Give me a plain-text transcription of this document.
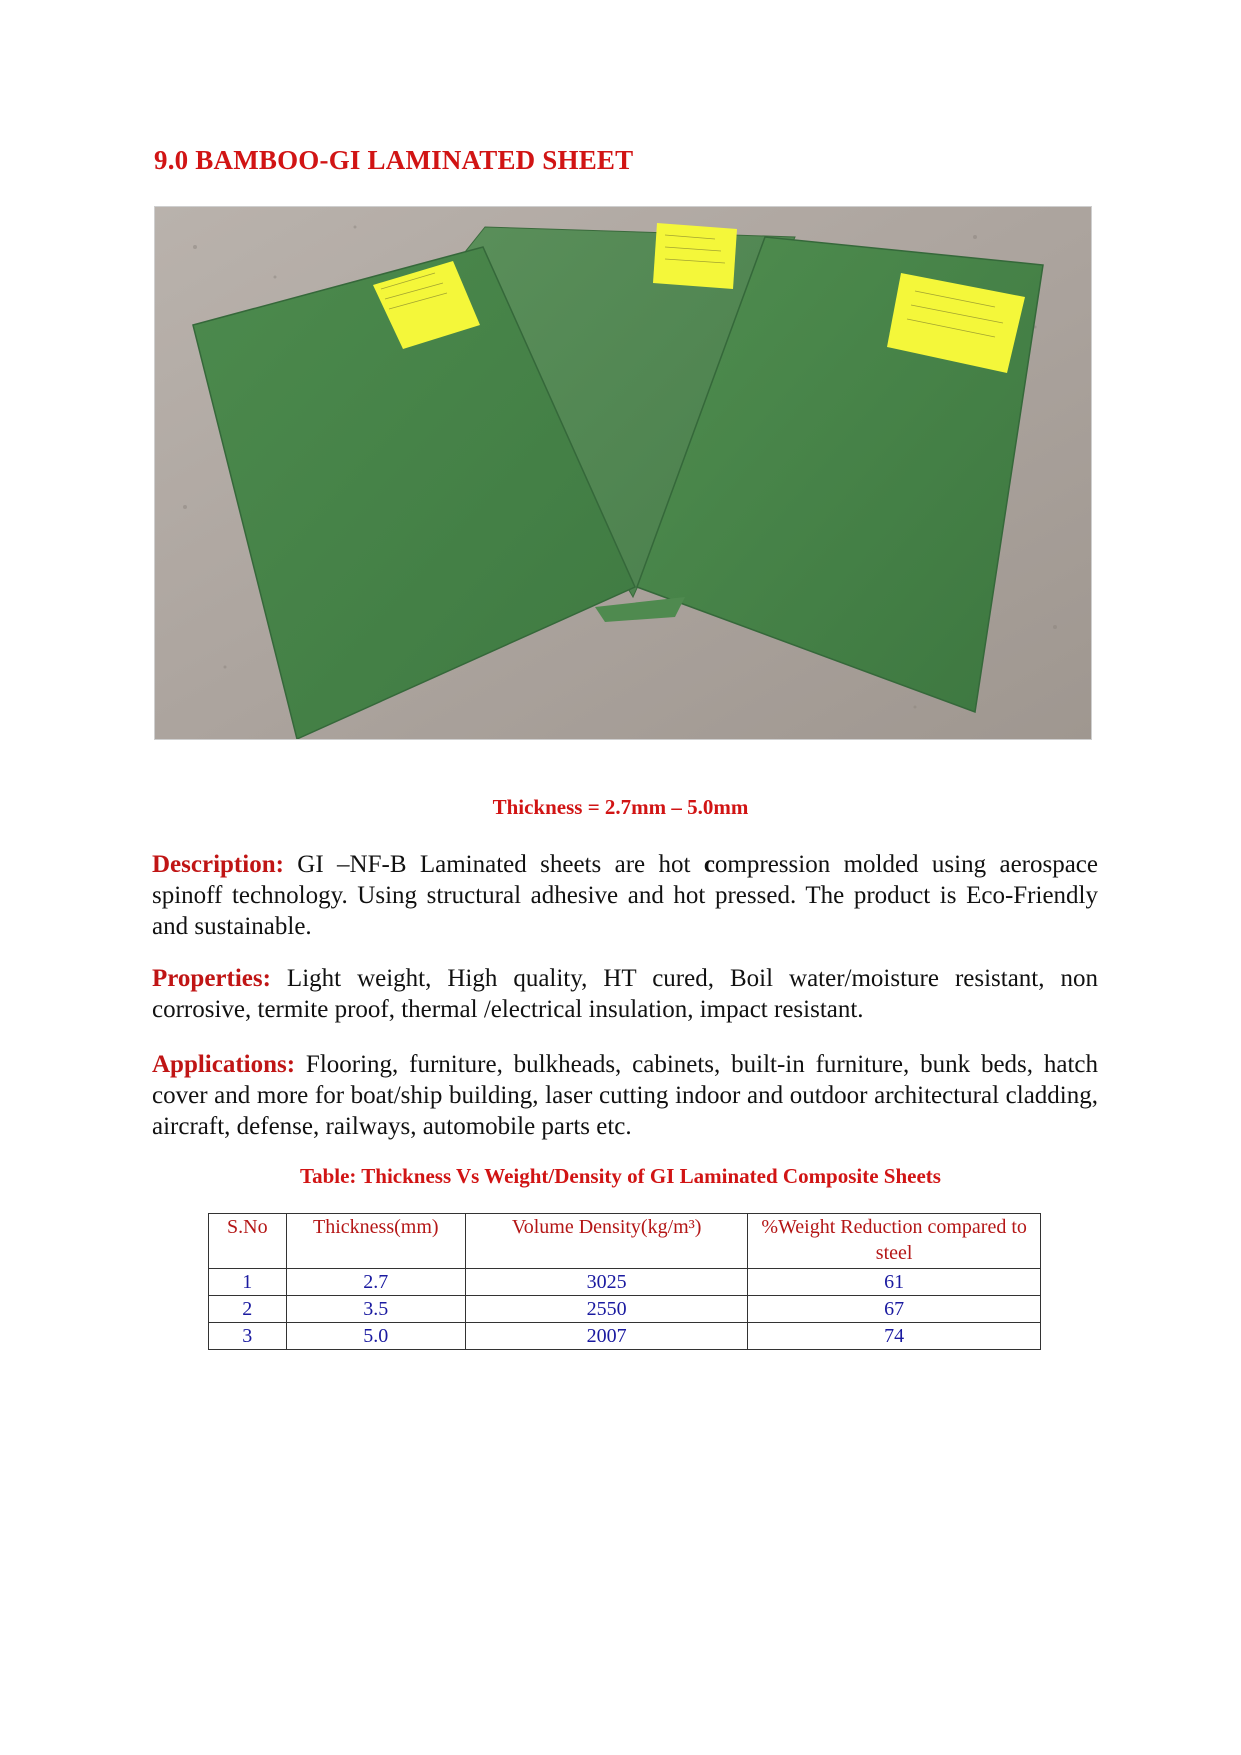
9.0 BAMBOO-GI LAMINATED SHEET
Thickness = 2.7mm – 5.0mm
Description: GI –NF-B Laminated sheets are hot compression molded using aerospace spinoff technology. Using structural adhesive and hot pressed. The product is Eco-Friendly and sustainable.
Properties: Light weight, High quality, HT cured, Boil water/moisture resistant, non corrosive, termite proof, thermal /electrical insulation, impact resistant.
Applications: Flooring, furniture, bulkheads, cabinets, built-in furniture, bunk beds, hatch cover and more for boat/ship building, laser cutting indoor and outdoor architectural cladding, aircraft, defense, railways, automobile parts etc.
Table: Thickness Vs Weight/Density of GI Laminated Composite Sheets
S.No	Thickness(mm)	Volume Density(kg/m³)	%Weight Reduction compared to steel
1	2.7	3025	61
2	3.5	2550	67
3	5.0	2007	74
